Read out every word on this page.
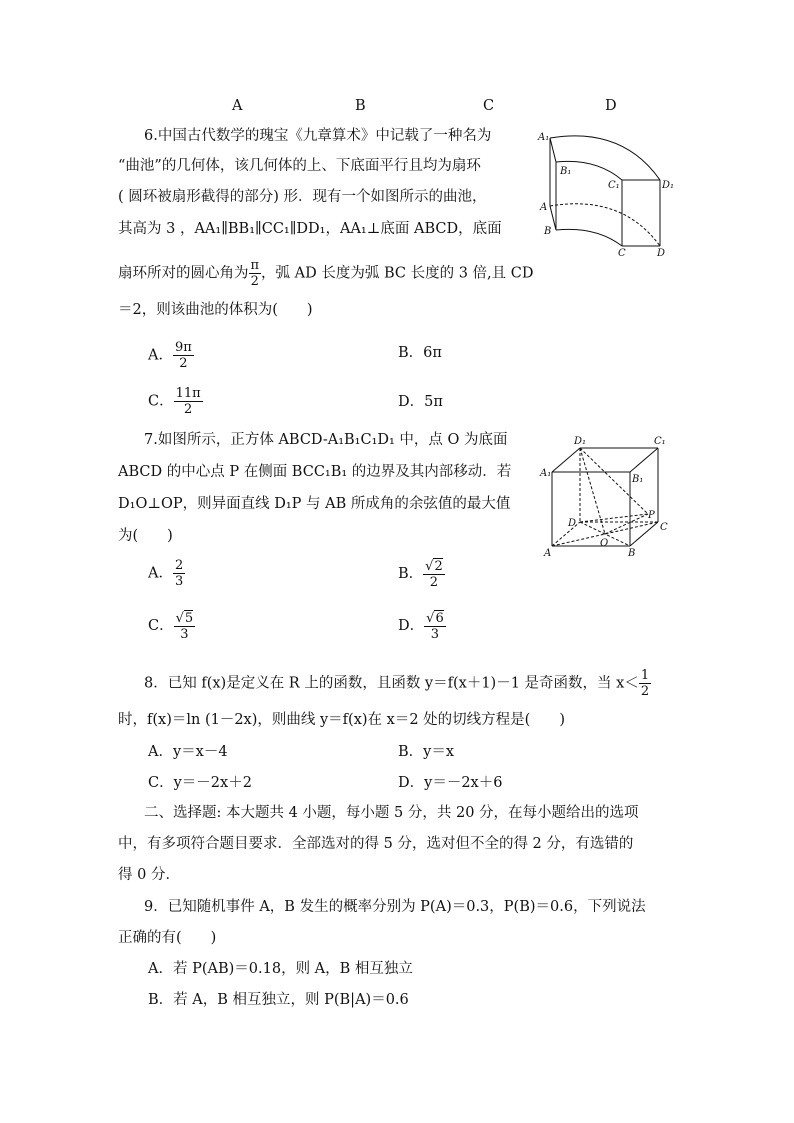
A	B	C	D
6.中国古代数学的瑰宝《九章算术》中记载了一种名为
“曲池”的几何体，该几何体的上、下底面平行且均为扇环
( 圆环被扇形截得的部分) 形．现有一个如图所示的曲池，
其高为 3 ，AA₁∥BB₁∥CC₁∥DD₁，AA₁⊥底面 ABCD，底面
扇环所对的圆心角为 $\frac{\pi}{2}$ ，弧 AD 长度为弧 BC 长度的 3 倍,且 CD
＝2，则该曲池的体积为(　　)
A． $\frac{9\pi}{2}$	B．6π
C． $\frac{11\pi}{2}$	D．5π
A₁
B₁
C₁	D₁
A
B
C	D
7.如图所示，正方体 ABCD-A₁B₁C₁D₁ 中，点 O 为底面
ABCD 的中心点 P 在侧面 BCC₁B₁ 的边界及其内部移动．若
D₁O⊥OP，则异面直线 D₁P 与 AB 所成角的余弦值的最大值
为(　　)
A． $\frac{2}{3}$	B． $\frac{√2}{2}$
C． $\frac{√5}{3}$	D． $\frac{√6}{3}$
D₁	C₁
A₁
B₁
D
P
C
O
A	B
8．已知 f(x)是定义在 R 上的函数，且函数 y＝f(x＋1)－1 是奇函数，当 $x< \frac{1}{2}$
时，f(x)＝ln (1－2x)，则曲线 y＝f(x)在 x＝2 处的切线方程是(　　)
A．y＝x－4	B．y＝x
C．y＝－2x＋2	D．y＝－2x＋6
二、选择题: 本大题共 4 小题，每小题 5 分，共 20 分，在每小题给出的选项
中，有多项符合题目要求．全部选对的得 5 分，选对但不全的得 2 分，有选错的
得 0 分．
9．已知随机事件 A，B 发生的概率分别为 P(A)＝0.3，P(B)＝0.6，下列说法
正确的有(　　)
A．若 P(AB)＝0.18，则 A，B 相互独立
B．若 A，B 相互独立，则 P(B|A)＝0.6
